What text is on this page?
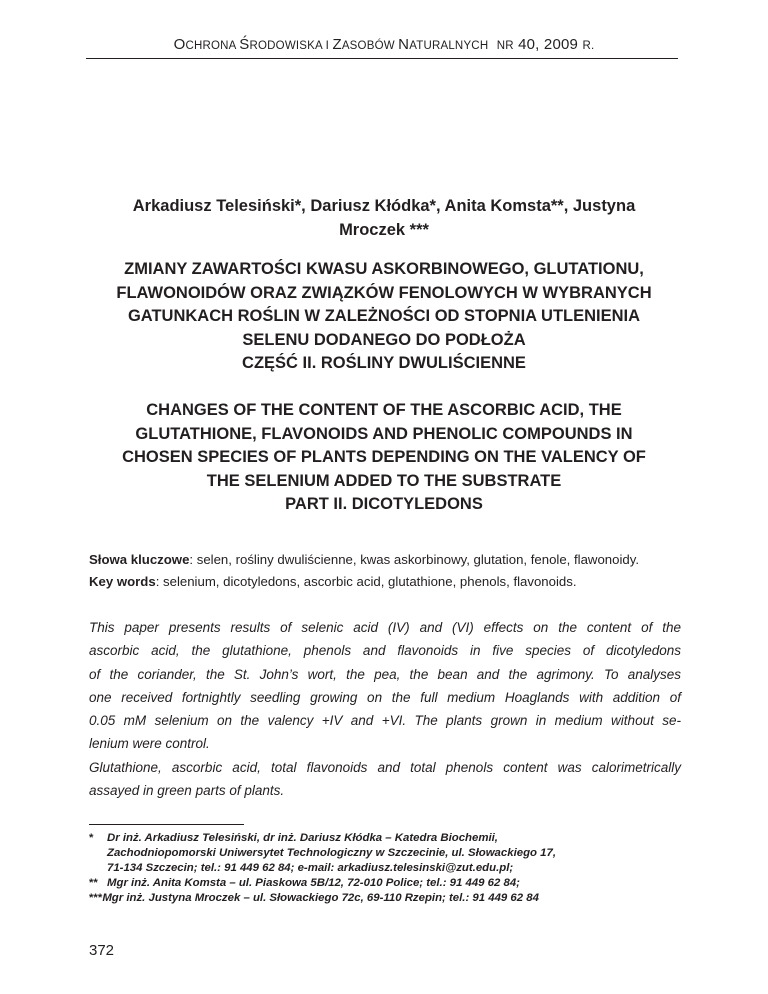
OCHRONA ŚRODOWISKA I ZASOBÓW NATURALNYCH NR 40, 2009 R.
Arkadiusz Telesiński*, Dariusz Kłódka*, Anita Komsta**, Justyna
Mroczek ***
ZMIANY ZAWARTOŚCI KWASU ASKORBINOWEGO, GLUTATIONU,
FLAWONOIDÓW ORAZ ZWIĄZKÓW FENOLOWYCH W WYBRANYCH
GATUNKACH ROŚLIN W ZALEŻNOŚCI OD STOPNIA UTLENIENIA
SELENU DODANEGO DO PODŁOŻA
CZĘŚĆ II. ROŚLINY DWULIŚCIENNE
CHANGES OF THE CONTENT OF THE ASCORBIC ACID, THE
GLUTATHIONE, FLAVONOIDS AND PHENOLIC COMPOUNDS IN
CHOSEN SPECIES OF PLANTS DEPENDING ON THE VALENCY OF
THE SELENIUM ADDED TO THE SUBSTRATE
PART II. DICOTYLEDONS
Słowa kluczowe: selen, rośliny dwuliścienne, kwas askorbinowy, glutation, fenole, flawonoidy.
Key words: selenium, dicotyledons, ascorbic acid, glutathione, phenols, flavonoids.
This paper presents results of selenic acid (IV) and (VI) effects on the content of the
ascorbic acid, the glutathione, phenols and flavonoids in five species of dicotyledons
of the coriander, the St. John’s wort, the pea, the bean and the agrimony. To analyses
one received fortnightly seedling growing on the full medium Hoaglands with addition of
0.05 mM selenium on the valency +IV and +VI. The plants grown in medium without se-
lenium were control.
Glutathione, ascorbic acid, total flavonoids and total phenols content was calorimetrically
assayed in green parts of plants.
*	Dr inż. Arkadiusz Telesiński, dr inż. Dariusz Kłódka – Katedra Biochemii,
Zachodniopomorski Uniwersytet Technologiczny w Szczecinie, ul. Słowackiego 17,
71-134 Szczecin; tel.: 91 449 62 84; e-mail: arkadiusz.telesinski@zut.edu.pl;
** Mgr inż. Anita Komsta – ul. Piaskowa 5B/12, 72-010 Police; tel.: 91 449 62 84;
*** Mgr inż. Justyna Mroczek – ul. Słowackiego 72c, 69-110 Rzepin; tel.: 91 449 62 84
372
